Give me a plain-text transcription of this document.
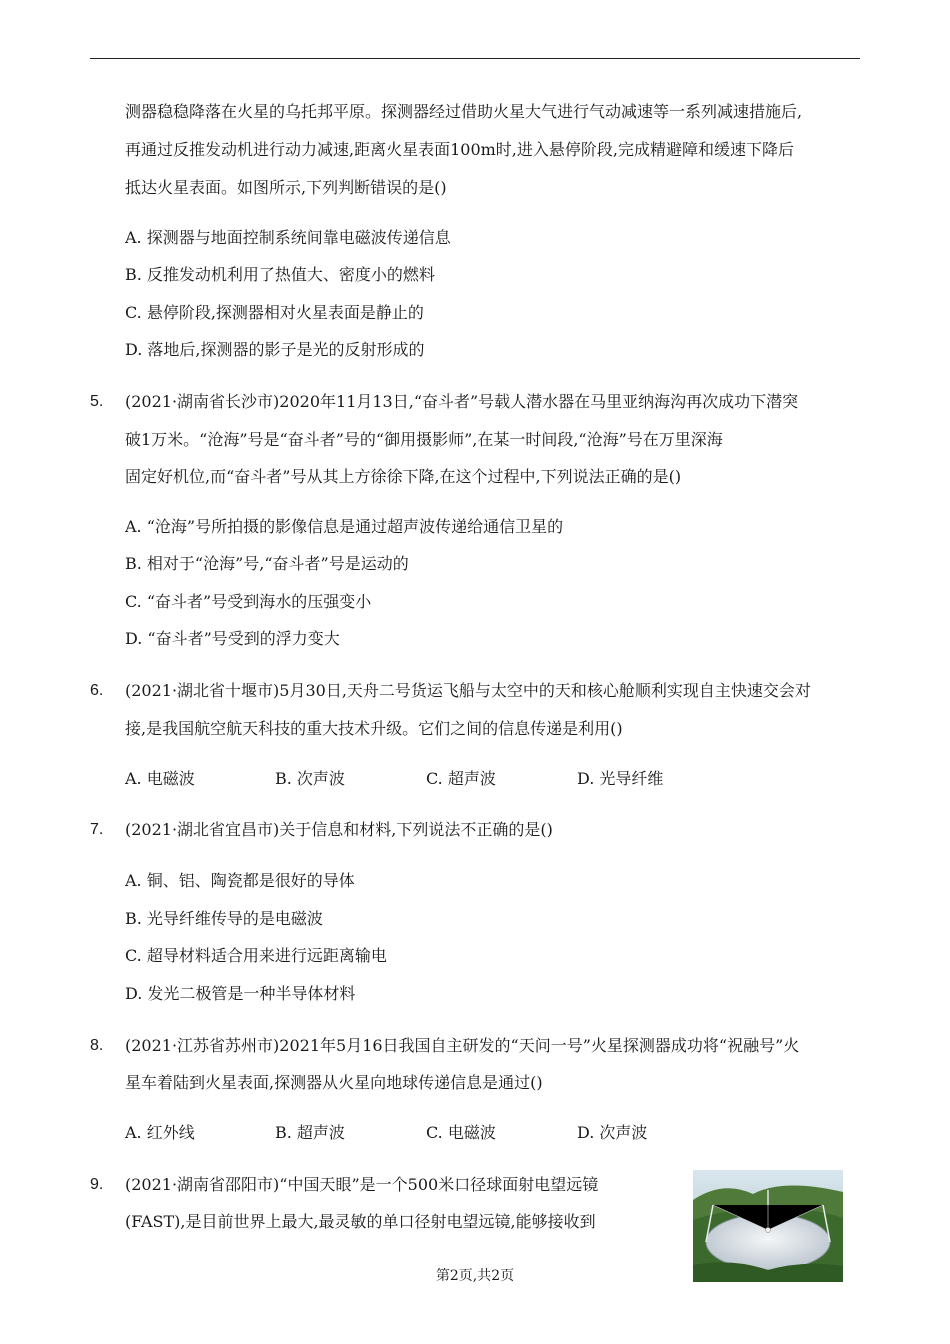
测器稳稳降落在火星的乌托邦平原。探测器经过借助火星大气进行气动减速等一系列减速措施后,
再通过反推发动机进行动力减速,距离火星表面100m时,进入悬停阶段,完成精避障和缓速下降后
抵达火星表面。如图所示,下列判断错误的是()
A. 探测器与地面控制系统间靠电磁波传递信息
B. 反推发动机利用了热值大、密度小的燃料
C. 悬停阶段,探测器相对火星表面是静止的
D. 落地后,探测器的影子是光的反射形成的
5. (2021·湖南省长沙市)2020年11月13日,“奋斗者”号载人潜水器在马里亚纳海沟再次成功下潜突
破1万米。“沧海”号是“奋斗者”号的“御用摄影师”,在某一时间段,“沧海”号在万里深海
固定好机位,而“奋斗者”号从其上方徐徐下降,在这个过程中,下列说法正确的是()
A. “沧海”号所拍摄的影像信息是通过超声波传递给通信卫星的
B. 相对于“沧海”号,“奋斗者”号是运动的
C. “奋斗者”号受到海水的压强变小
D. “奋斗者”号受到的浮力变大
6. (2021·湖北省十堰市)5月30日,天舟二号货运飞船与太空中的天和核心舱顺利实现自主快速交会对
接,是我国航空航天科技的重大技术升级。它们之间的信息传递是利用()
A. 电磁波	B. 次声波	C. 超声波	D. 光导纤维
7. (2021·湖北省宜昌市)关于信息和材料,下列说法不正确的是()
A. 铜、铝、陶瓷都是很好的导体
B. 光导纤维传导的是电磁波
C. 超导材料适合用来进行远距离输电
D. 发光二极管是一种半导体材料
8. (2021·江苏省苏州市)2021年5月16日我国自主研发的“天问一号”火星探测器成功将“祝融号”火
星车着陆到火星表面,探测器从火星向地球传递信息是通过()
A. 红外线	B. 超声波	C. 电磁波	D. 次声波
9. (2021·湖南省邵阳市)“中国天眼”是一个500米口径球面射电望远镜
(FAST),是目前世界上最大,最灵敏的单口径射电望远镜,能够接收到
第2页,共2页
